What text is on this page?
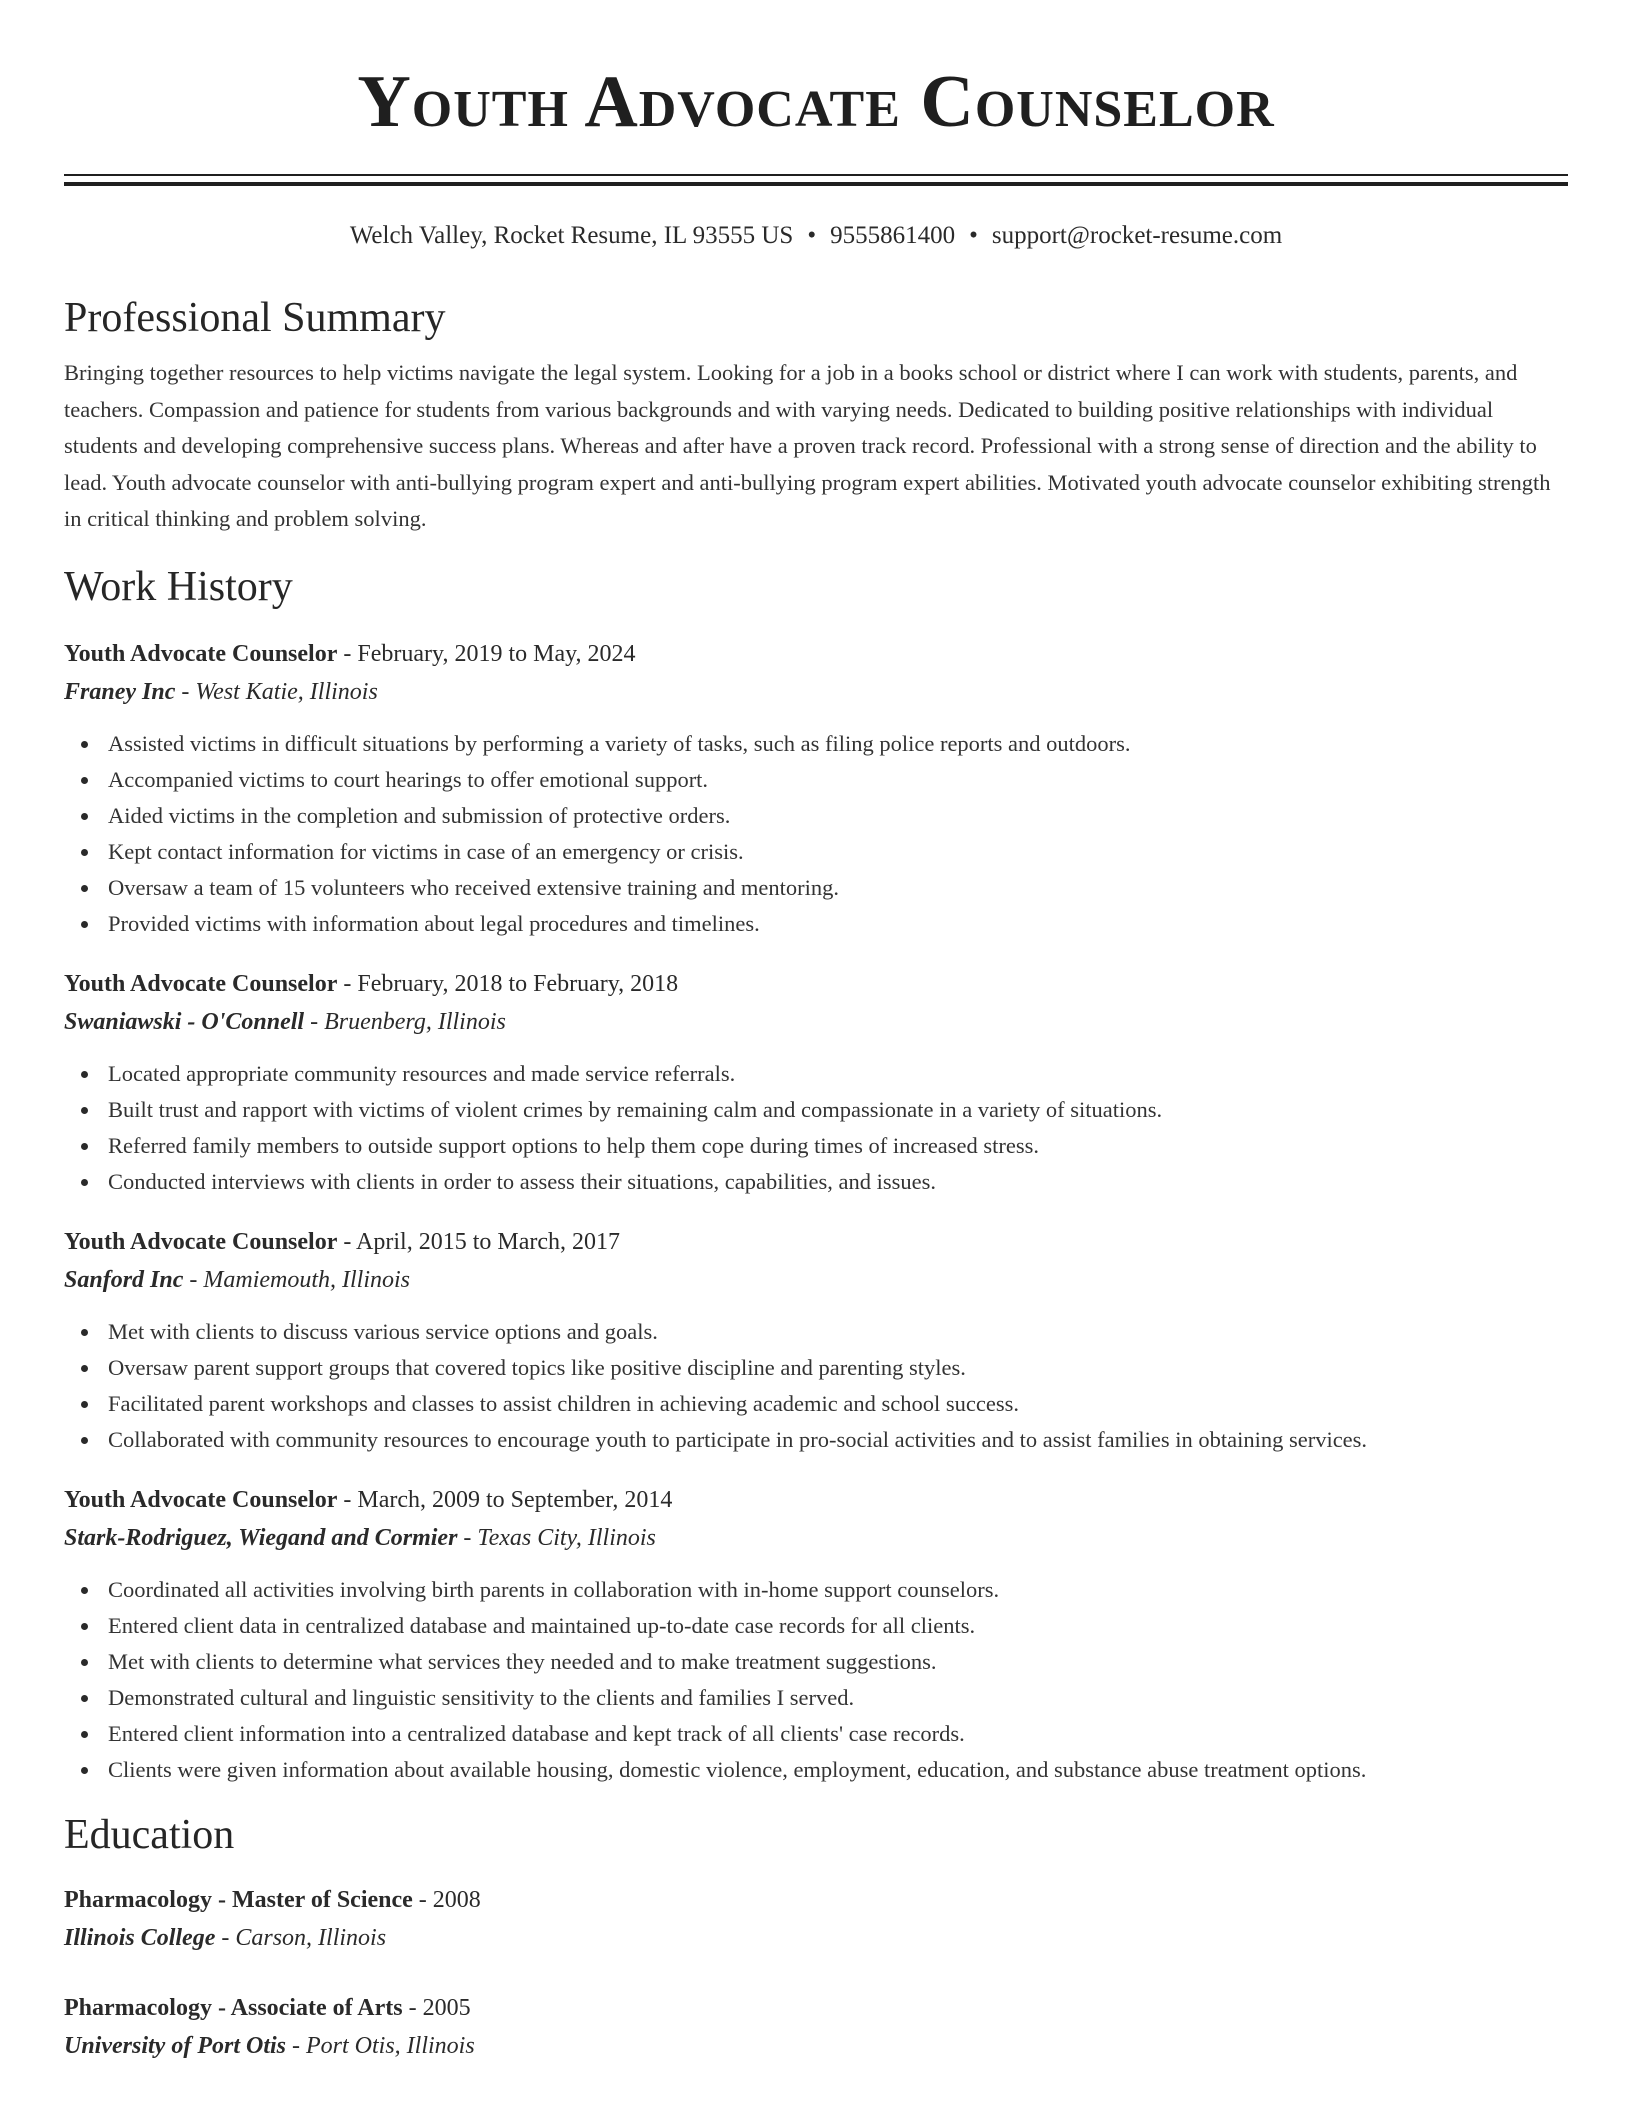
Youth Advocate Counselor
Welch Valley, Rocket Resume, IL 93555 US • 9555861400 • support@rocket-resume.com
Professional Summary
Bringing together resources to help victims navigate the legal system. Looking for a job in a books school or district where I can work with students, parents, and teachers. Compassion and patience for students from various backgrounds and with varying needs. Dedicated to building positive relationships with individual students and developing comprehensive success plans. Whereas and after have a proven track record. Professional with a strong sense of direction and the ability to lead. Youth advocate counselor with anti-bullying program expert and anti-bullying program expert abilities. Motivated youth advocate counselor exhibiting strength in critical thinking and problem solving.
Work History
Youth Advocate Counselor - February, 2019 to May, 2024
Franey Inc - West Katie, Illinois
Assisted victims in difficult situations by performing a variety of tasks, such as filing police reports and outdoors.
Accompanied victims to court hearings to offer emotional support.
Aided victims in the completion and submission of protective orders.
Kept contact information for victims in case of an emergency or crisis.
Oversaw a team of 15 volunteers who received extensive training and mentoring.
Provided victims with information about legal procedures and timelines.
Youth Advocate Counselor - February, 2018 to February, 2018
Swaniawski - O'Connell - Bruenberg, Illinois
Located appropriate community resources and made service referrals.
Built trust and rapport with victims of violent crimes by remaining calm and compassionate in a variety of situations.
Referred family members to outside support options to help them cope during times of increased stress.
Conducted interviews with clients in order to assess their situations, capabilities, and issues.
Youth Advocate Counselor - April, 2015 to March, 2017
Sanford Inc - Mamiemouth, Illinois
Met with clients to discuss various service options and goals.
Oversaw parent support groups that covered topics like positive discipline and parenting styles.
Facilitated parent workshops and classes to assist children in achieving academic and school success.
Collaborated with community resources to encourage youth to participate in pro-social activities and to assist families in obtaining services.
Youth Advocate Counselor - March, 2009 to September, 2014
Stark-Rodriguez, Wiegand and Cormier - Texas City, Illinois
Coordinated all activities involving birth parents in collaboration with in-home support counselors.
Entered client data in centralized database and maintained up-to-date case records for all clients.
Met with clients to determine what services they needed and to make treatment suggestions.
Demonstrated cultural and linguistic sensitivity to the clients and families I served.
Entered client information into a centralized database and kept track of all clients' case records.
Clients were given information about available housing, domestic violence, employment, education, and substance abuse treatment options.
Education
Pharmacology - Master of Science - 2008
Illinois College - Carson, Illinois
Pharmacology - Associate of Arts - 2005
University of Port Otis - Port Otis, Illinois
